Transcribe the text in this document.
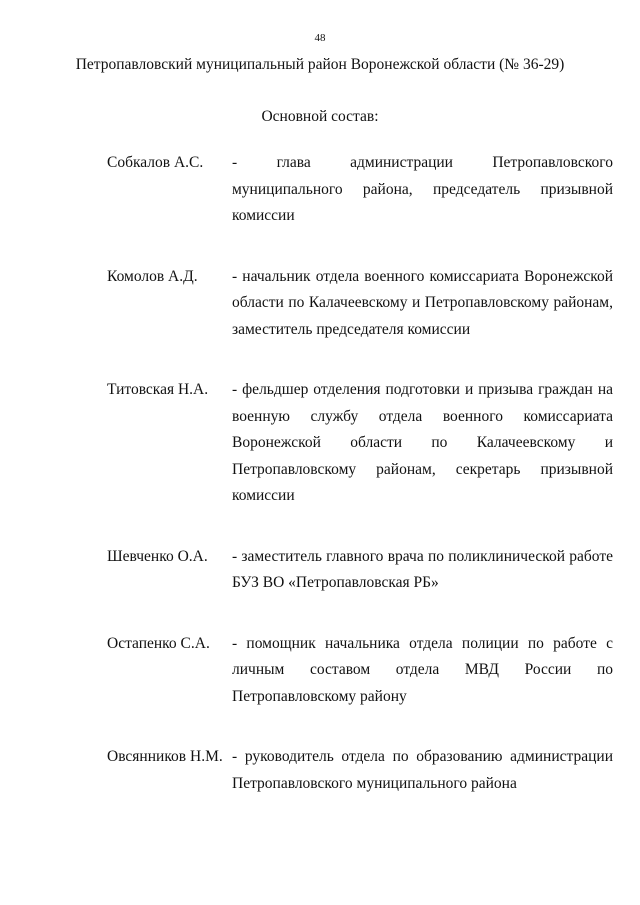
48
Петропавловский муниципальный район Воронежской области (№ 36-29)
Основной состав:
Собкалов А.С. - глава администрации Петропавловского муниципального района, председатель призывной комиссии
Комолов А.Д. - начальник отдела военного комиссариата Воронежской области по Калачеевскому и Петропавловскому районам, заместитель председателя комиссии
Титовская Н.А. - фельдшер отделения подготовки и призыва граждан на военную службу отдела военного комиссариата Воронежской области по Калачеевскому и Петропавловскому районам, секретарь призывной комиссии
Шевченко О.А. - заместитель главного врача по поликлинической работе БУЗ ВО «Петропавловская РБ»
Остапенко С.А. - помощник начальника отдела полиции по работе с личным составом отдела МВД России по Петропавловскому району
Овсянников Н.М. - руководитель отдела по образованию администрации Петропавловского муниципального района
